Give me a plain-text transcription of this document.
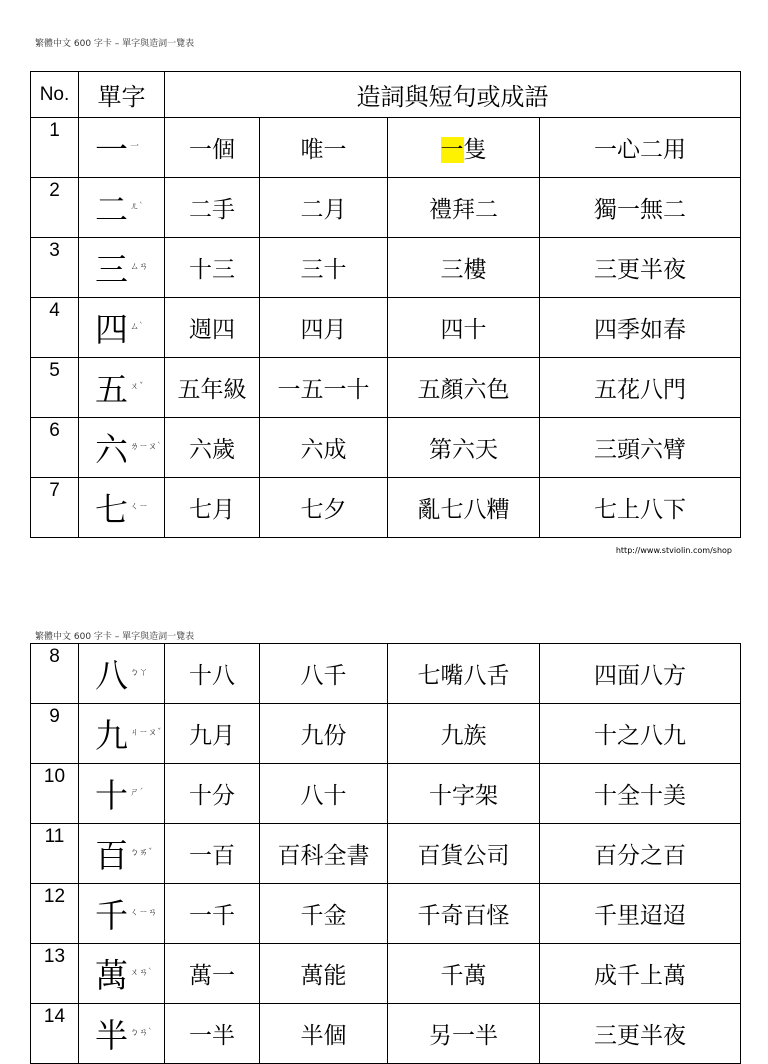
繁體中文 600 字卡 – 單字與造詞一覽表
No.	單字	造詞與短句或成語			
1	一 一	一個	唯一	一隻	一心二用
2	二 ㄦˋ	二手	二月	禮拜二	獨一無二
3	三 ㄙㄢ	十三	三十	三樓	三更半夜
4	四 ㄙˋ	週四	四月	四十	四季如春
5	五 ㄨˇ	五年級	一五一十	五顏六色	五花八門
6	六 ㄌㄧㄡˋ	六歲	六成	第六天	三頭六臂
7	七 ㄑㄧ	七月	七夕	亂七八糟	七上八下
http://www.stviolin.com/shop
繁體中文 600 字卡 – 單字與造詞一覽表
8	八 ㄅㄚ	十八	八千	七嘴八舌	四面八方
9	九 ㄐㄧㄡˇ	九月	九份	九族	十之八九
10	十 ㄕˊ	十分	八十	十字架	十全十美
11	百 ㄅㄞˇ	一百	百科全書	百貨公司	百分之百
12	千 ㄑㄧㄢ	一千	千金	千奇百怪	千里迢迢
13	萬 ㄨㄢˋ	萬一	萬能	千萬	成千上萬
14	半 ㄅㄢˋ	一半	半個	另一半	三更半夜
